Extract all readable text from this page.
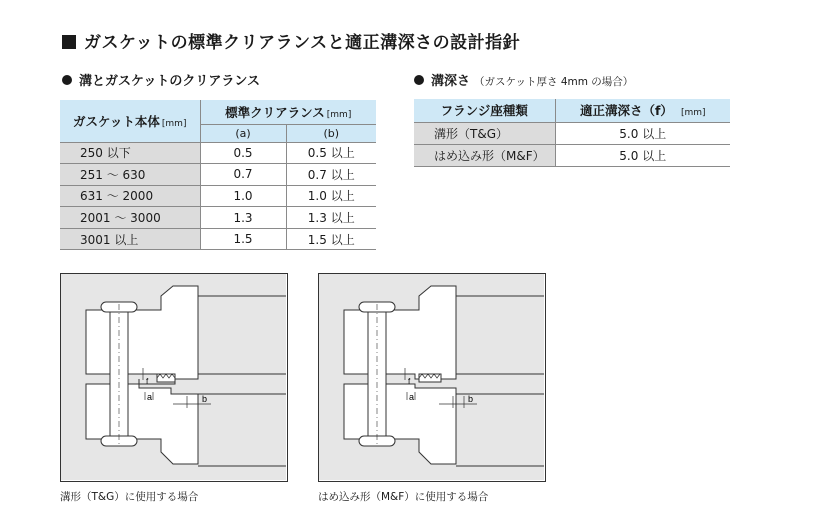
ガスケットの標準クリアランスと適正溝深さの設計指針
溝とガスケットのクリアランス	溝深さ （ガスケット厚さ 4mm の場合）
ガスケット本体 [mm]	標準クリアランス [mm]	
	(a)	(b)
250 以下	0.5	0.5 以上
251 ～ 630	0.7	0.7 以上
631 ～ 2000	1.0	1.0 以上
2001 ～ 3000	1.3	1.3 以上
3001 以上	1.5	1.5 以上
フランジ座種類	適正溝深さ（f） [mm]
溝形（T&G）	5.0 以上
はめ込み形（M&F）	5.0 以上
a
f
b	a
f
b
溝形（T&G）に使用する場合	はめ込み形（M&F）に使用する場合
